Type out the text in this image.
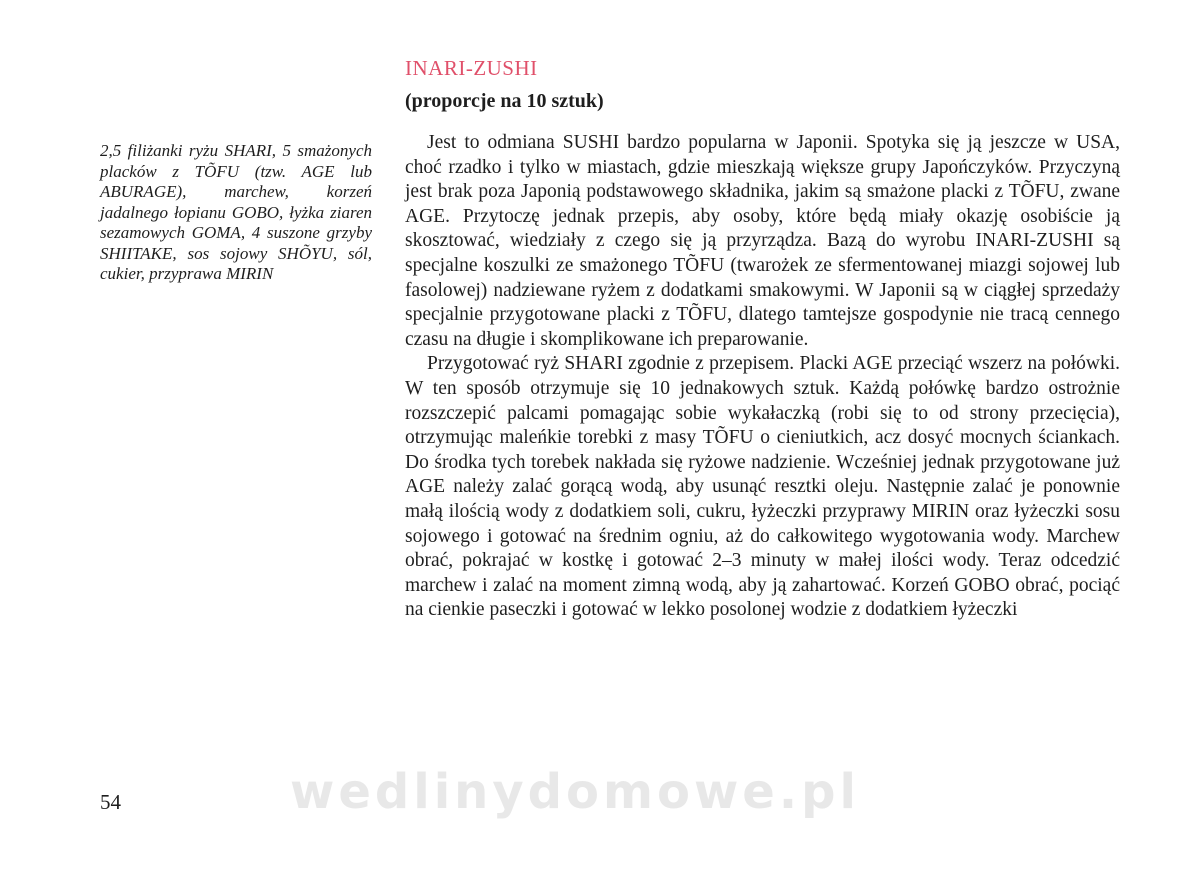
INARI-ZUSHI
(proporcje na 10 sztuk)

2,5 filiżanki ryżu SHARI, 5 smażonych placków z TÕFU (tzw. AGE lub ABURAGE), marchew, korzeń jadalnego łopianu GOBO, łyżka ziaren sezamowych GOMA, 4 suszone grzyby SHIITAKE, sos sojowy SHÕYU, sól, cukier, przyprawa MIRIN

Jest to odmiana SUSHI bardzo popularna w Japonii. Spotyka się ją jeszcze w USA, choć rzadko i tylko w miastach, gdzie mieszkają większe grupy Japończyków. Przyczyną jest brak poza Japonią podstawowego składnika, jakim są smażone placki z TÕFU, zwane AGE. Przytoczę jednak przepis, aby osoby, które będą miały okazję osobiście ją skosztować, wiedziały z czego się ją przyrządza. Bazą do wyrobu INARI-ZUSHI są specjalne koszulki ze smażonego TÕFU (twarożek ze sfermentowanej miazgi sojowej lub fasolowej) nadziewane ryżem z dodatkami smakowymi. W Japonii są w ciągłej sprzedaży specjalnie przygotowane placki z TÕFU, dlatego tamtejsze gospodynie nie tracą cennego czasu na długie i skomplikowane ich preparowanie.

Przygotować ryż SHARI zgodnie z przepisem. Placki AGE przeciąć wszerz na połówki. W ten sposób otrzymuje się 10 jednakowych sztuk. Każdą połówkę bardzo ostrożnie rozszczepić palcami pomagając sobie wykałaczką (robi się to od strony przecięcia), otrzymując maleńkie torebki z masy TÕFU o cieniutkich, acz dosyć mocnych ściankach. Do środka tych torebek nakłada się ryżowe nadzienie. Wcześniej jednak przygotowane już AGE należy zalać gorącą wodą, aby usunąć resztki oleju. Następnie zalać je ponownie małą ilością wody z dodatkiem soli, cukru, łyżeczki przyprawy MIRIN oraz łyżeczki sosu sojowego i gotować na średnim ogniu, aż do całkowitego wygotowania wody. Marchew obrać, pokrajać w kostkę i gotować 2–3 minuty w małej ilości wody. Teraz odcedzić marchew i zalać na moment zimną wodą, aby ją zahartować. Korzeń GOBO obrać, pociąć na cienkie paseczki i gotować w lekko posolonej wodzie z dodatkiem łyżeczki

54	wedlinydomowe.pl
